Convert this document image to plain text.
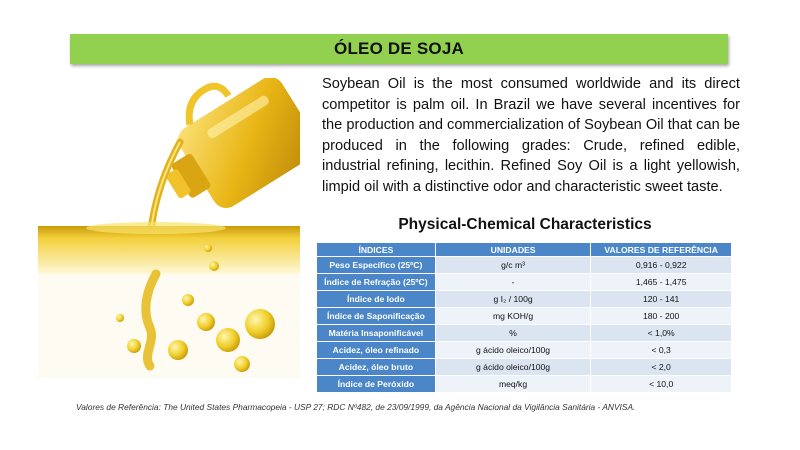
ÓLEO DE SOJA

Soybean Oil is the most consumed worldwide and its direct competitor is palm oil. In Brazil we have several incentives for the production and commercialization of Soybean Oil that can be produced in the following grades: Crude, refined edible, industrial refining, lecithin. Refined Soy Oil is a light yellowish, limpid oil with a distinctive odor and characteristic sweet taste.

Physical-Chemical Characteristics
ÍNDICES	UNIDADES	VALORES DE REFERÊNCIA
Peso Específico (25ºC)	g/c m³	0,916 - 0,922
Índice de Refração (25ºC)	-	1,465 - 1,475
Índice de Iodo	g I₂ / 100g	120 - 141
Índice de Saponificação	mg KOH/g	180 - 200
Matéria Insaponificável	%	< 1,0%
Acidez, óleo refinado	g ácido oleico/100g	< 0,3
Acidez, óleo bruto	g ácido oleico/100g	< 2,0
Índice de Peróxido	meq/kg	< 10,0
Valores de Referência: The United States Pharmacopeia - USP 27; RDC Nº482, de 23/09/1999, da Agência Nacional da Vigilância Sanitária - ANVISA.
